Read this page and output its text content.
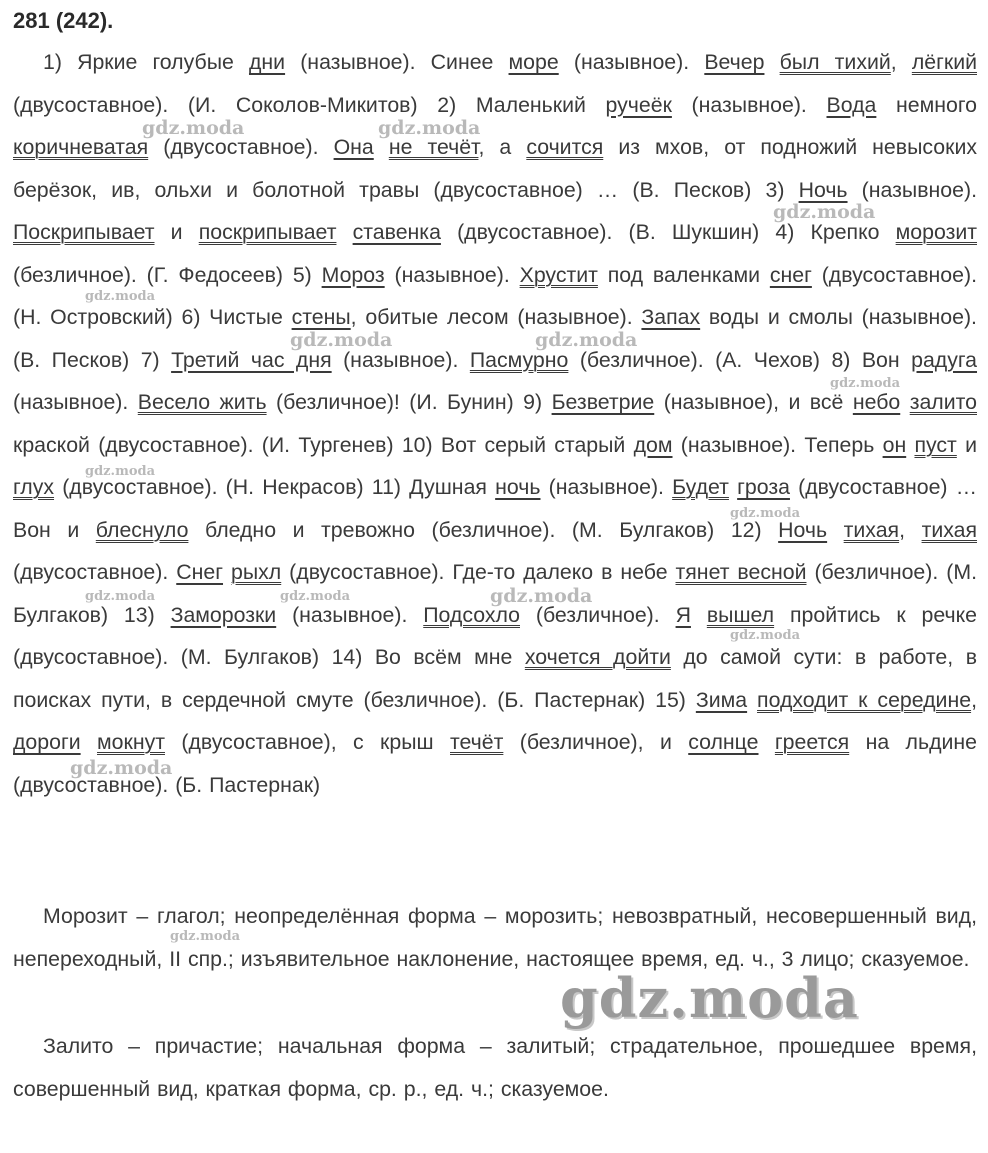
281 (242).
1) Яркие голубые дни (назывное). Синее море (назывное). Вечер был тихий, лёгкий (двусоставное). (И. Соколов-Микитов) 2) Маленький ручеёк (назывное). Вода немного коричневатая (двусоставное). Она не течёт, а сочится из мхов, от подножий невысоких берёзок, ив, ольхи и болотной травы (двусоставное) … (В. Песков) 3) Ночь (назывное). Поскрипывает и поскрипывает ставенка (двусоставное). (В. Шукшин) 4) Крепко морозит (безличное). (Г. Федосеев) 5) Мороз (назывное). Хрустит под валенками снег (двусоставное). (Н. Островский) 6) Чистые стены, обитые лесом (назывное). Запах воды и смолы (назывное). (В. Песков) 7) Третий час дня (назывное). Пасмурно (безличное). (А. Чехов) 8) Вон радуга (назывное). Весело жить (безличное)! (И. Бунин) 9) Безветрие (назывное), и всё небо залито краской (двусоставное). (И. Тургенев) 10) Вот серый старый дом (назывное). Теперь он пуст и глух (двусоставное). (Н. Некрасов) 11) Душная ночь (назывное). Будет гроза (двусоставное) … Вон и блеснуло бледно и тревожно (безличное). (М. Булгаков) 12) Ночь тихая, тихая (двусоставное). Снег рыхл (двусоставное). Где-то далеко в небе тянет весной (безличное). (М. Булгаков) 13) Заморозки (назывное). Подсохло (безличное). Я вышел пройтись к речке (двусоставное). (М. Булгаков) 14) Во всём мне хочется дойти до самой сути: в работе, в поисках пути, в сердечной смуте (безличное). (Б. Пастернак) 15) Зима подходит к середине, дороги мокнут (двусоставное), с крыш течёт (безличное), и солнце греется на льдине (двусоставное). (Б. Пастернак)
Морозит – глагол; неопределённая форма – морозить; невозвратный, несовершенный вид, непереходный, II спр.; изъявительное наклонение, настоящее время, ед. ч., 3 лицо; сказуемое.
Залито – причастие; начальная форма – залитый; страдательное, прошедшее время, совершенный вид, краткая форма, ср. р., ед. ч.; сказуемое.
gdz.moda	gdz.moda
gdz.moda
gdz.moda
gdz.moda	gdz.moda
gdz.moda
gdz.moda
gdz.moda
gdz.moda	gdz.moda	gdz.moda
gdz.moda
gdz.moda
gdz.moda
gdz.moda
